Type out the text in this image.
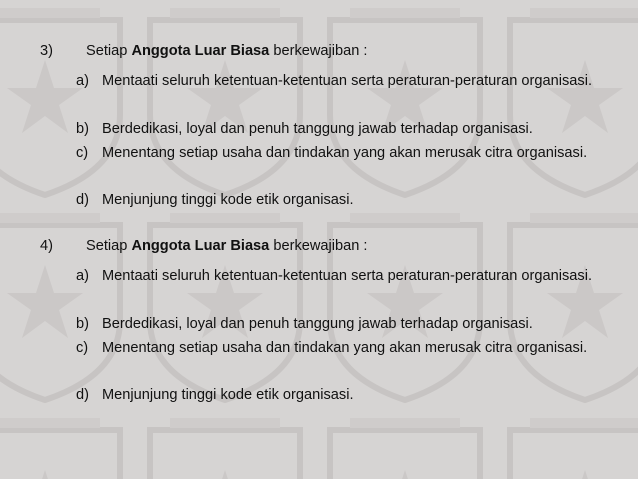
3) Setiap Anggota Luar Biasa berkewajiban :
a) Mentaati seluruh ketentuan-ketentuan serta peraturan-peraturan organisasi.
b) Berdedikasi, loyal dan penuh tanggung jawab terhadap organisasi.
c) Menentang setiap usaha dan tindakan yang akan merusak citra organisasi.
d) Menjunjung tinggi kode etik organisasi.
4) Setiap Anggota Luar Biasa berkewajiban :
a) Mentaati seluruh ketentuan-ketentuan serta peraturan-peraturan organisasi.
b) Berdedikasi, loyal dan penuh tanggung jawab terhadap organisasi.
c) Menentang setiap usaha dan tindakan yang akan merusak citra organisasi.
d) Menjunjung tinggi kode etik organisasi.
